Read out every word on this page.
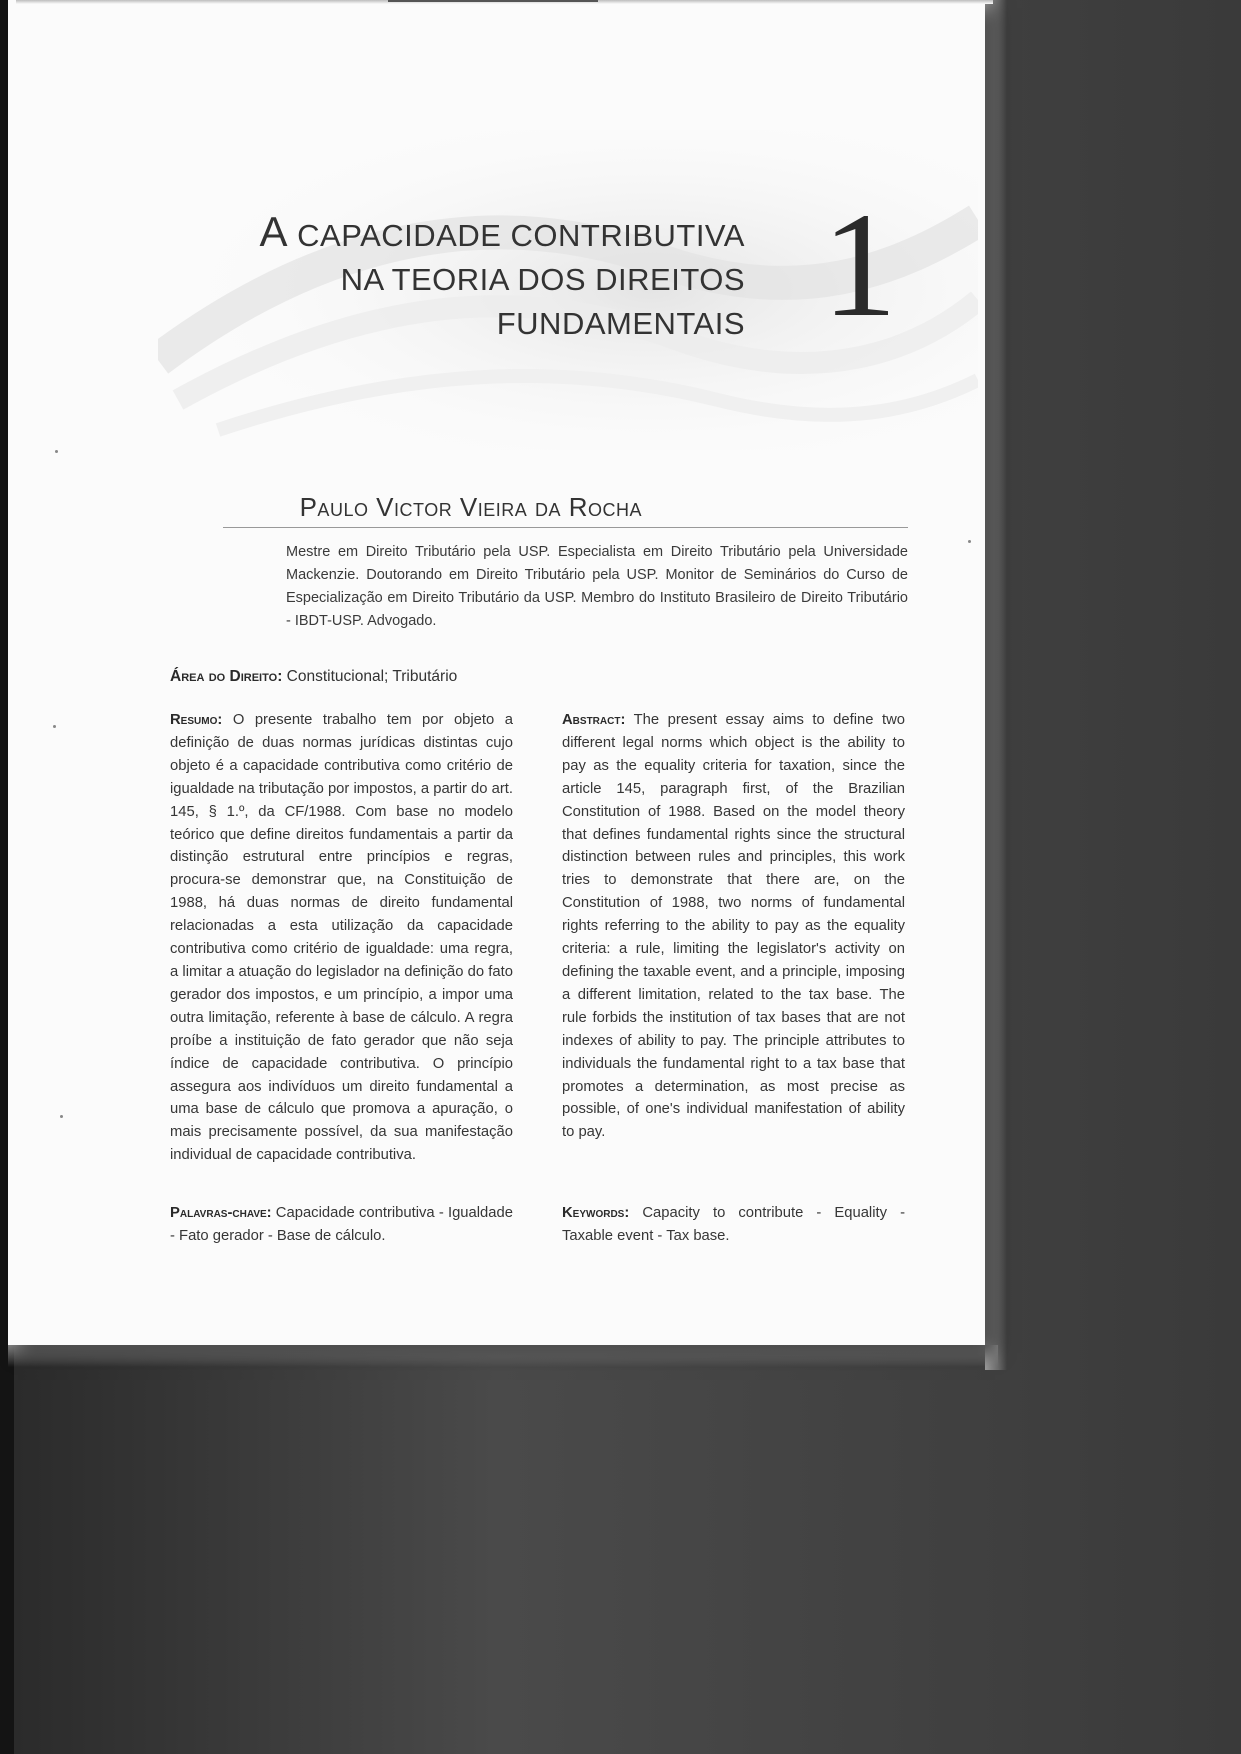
A CAPACIDADE CONTRIBUTIVA
NA TEORIA DOS DIREITOS
FUNDAMENTAIS 1
Paulo Victor Vieira da Rocha
Mestre em Direito Tributário pela USP. Especialista em Direito Tributário pela Universidade Mackenzie. Doutorando em Direito Tributário pela USP. Monitor de Seminários do Curso de Especialização em Direito Tributário da USP. Membro do Instituto Brasileiro de Direito Tributário - IBDT-USP. Advogado.
Área do Direito: Constitucional; Tributário
Resumo: O presente trabalho tem por objeto a definição de duas normas jurídicas distintas cujo objeto é a capacidade contributiva como critério de igualdade na tributação por impostos, a partir do art. 145, § 1.º, da CF/1988. Com base no modelo teórico que define direitos fundamentais a partir da distinção estrutural entre princípios e regras, procura-se demonstrar que, na Constituição de 1988, há duas normas de direito fundamental relacionadas a esta utilização da capacidade contributiva como critério de igualdade: uma regra, a limitar a atuação do legislador na definição do fato gerador dos impostos, e um princípio, a impor uma outra limitação, referente à base de cálculo. A regra proíbe a instituição de fato gerador que não seja índice de capacidade contributiva. O princípio assegura aos indivíduos um direito fundamental a uma base de cálculo que promova a apuração, o mais precisamente possível, da sua manifestação individual de capacidade contributiva.
Abstract: The present essay aims to define two different legal norms which object is the ability to pay as the equality criteria for taxation, since the article 145, paragraph first, of the Brazilian Constitution of 1988. Based on the model theory that defines fundamental rights since the structural distinction between rules and principles, this work tries to demonstrate that there are, on the Constitution of 1988, two norms of fundamental rights referring to the ability to pay as the equality criteria: a rule, limiting the legislator's activity on defining the taxable event, and a principle, imposing a different limitation, related to the tax base. The rule forbids the institution of tax bases that are not indexes of ability to pay. The principle attributes to individuals the fundamental right to a tax base that promotes a determination, as most precise as possible, of one's individual manifestation of ability to pay.
Palavras-chave: Capacidade contributiva - Igualdade - Fato gerador - Base de cálculo.
Keywords: Capacity to contribute - Equality - Taxable event - Tax base.
